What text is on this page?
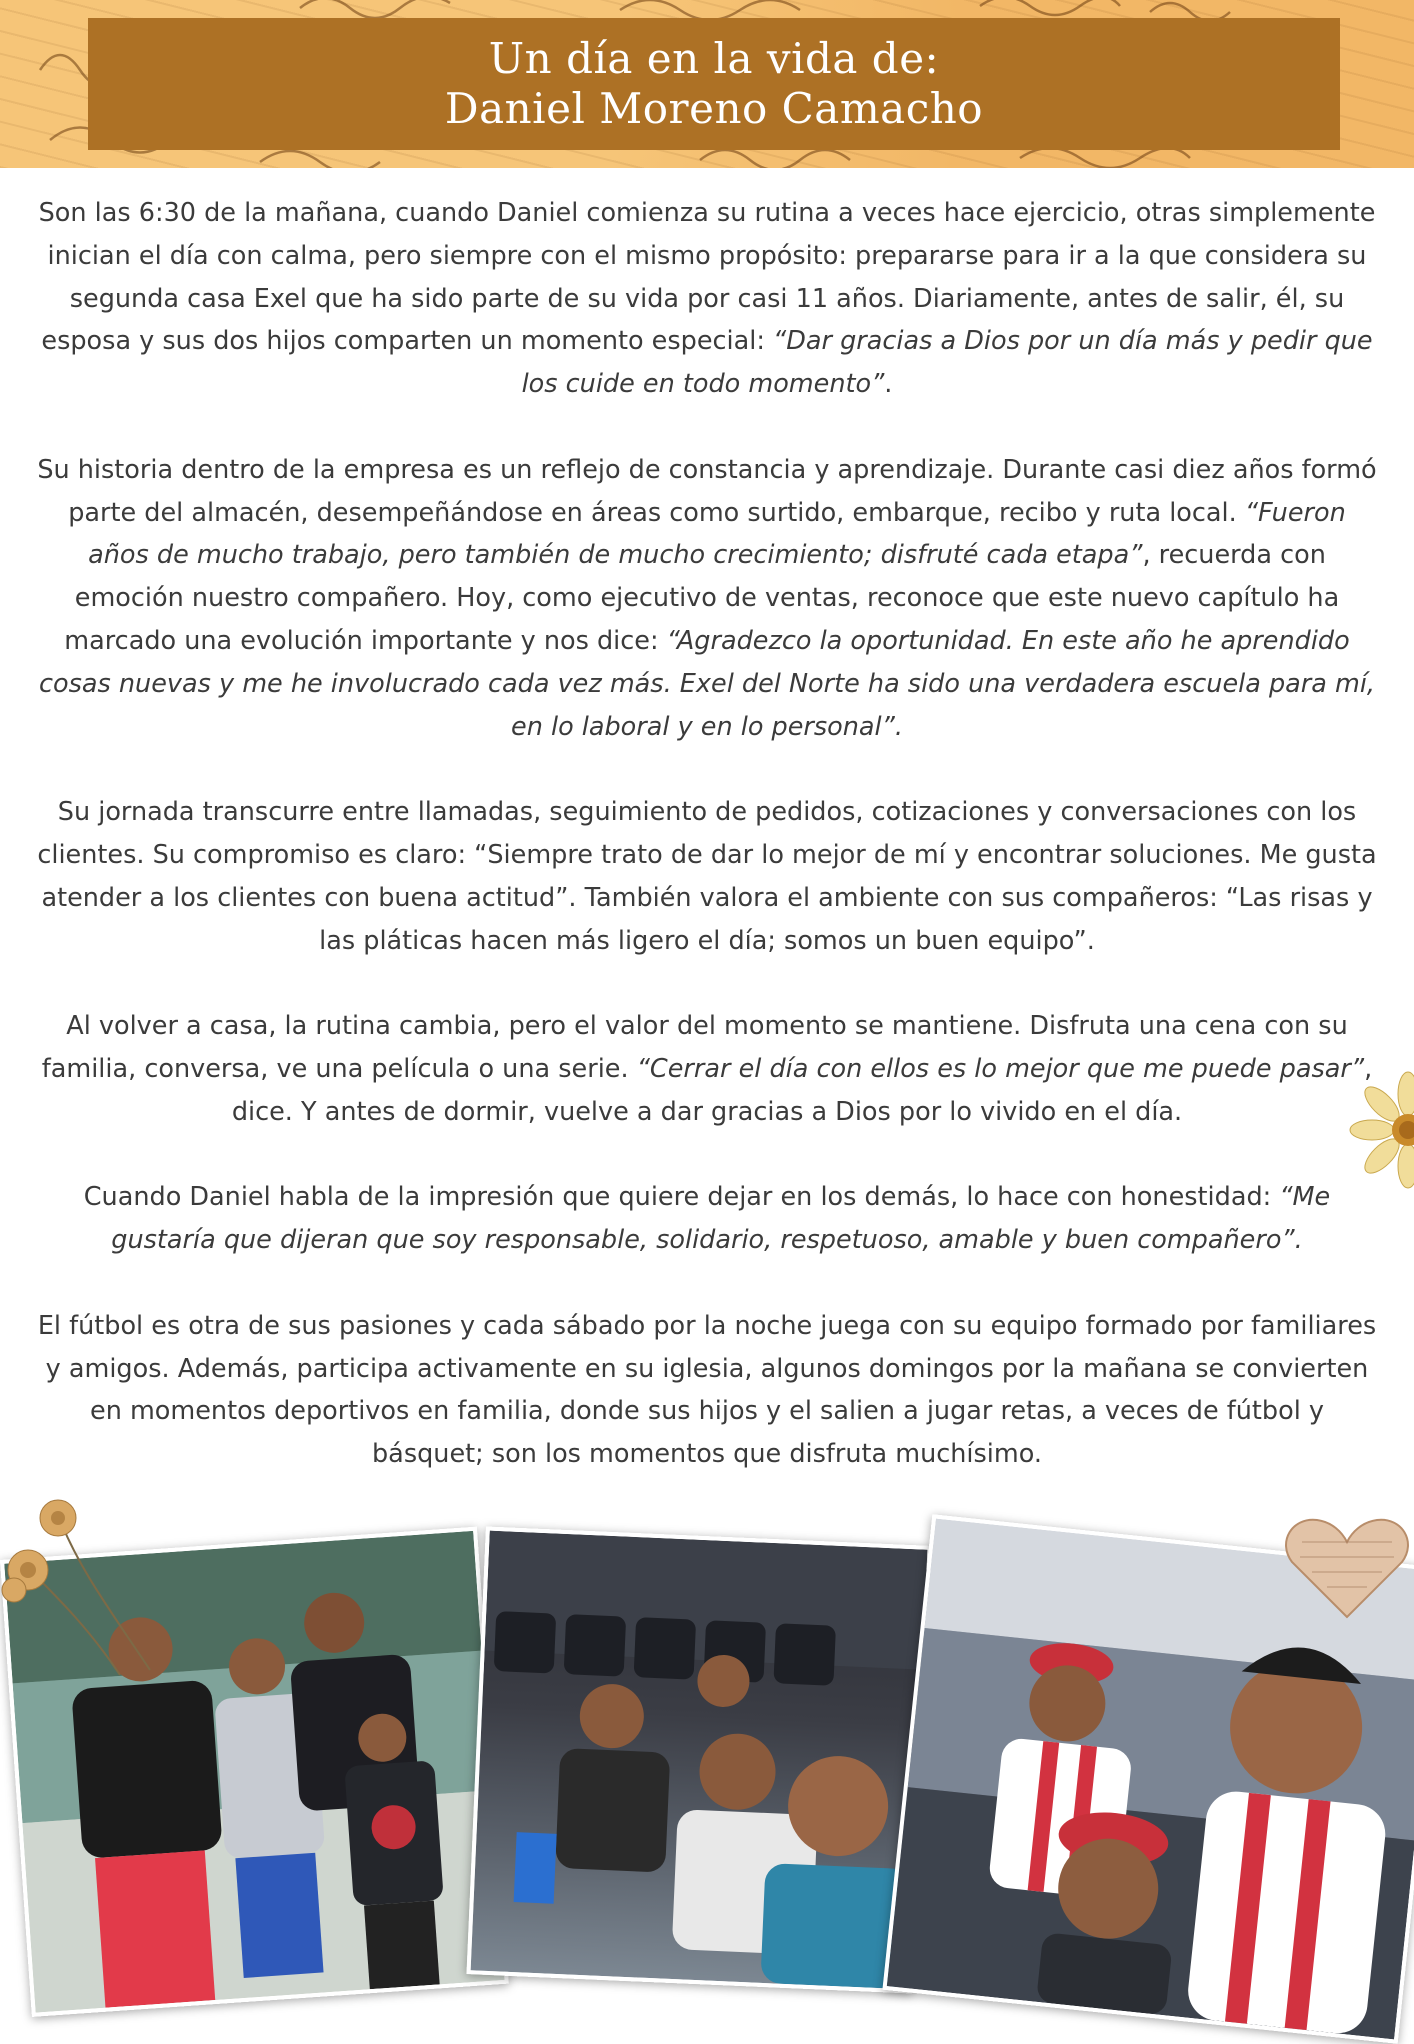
Un día en la vida de:
Daniel Moreno Camacho

Son las 6:30 de la mañana, cuando Daniel comienza su rutina a veces hace ejercicio, otras simplemente inician el día con calma, pero siempre con el mismo propósito: prepararse para ir a la que considera su segunda casa Exel que ha sido parte de su vida por casi 11 años. Diariamente, antes de salir, él, su esposa y sus dos hijos comparten un momento especial: “Dar gracias a Dios por un día más y pedir que los cuide en todo momento”.

Su historia dentro de la empresa es un reflejo de constancia y aprendizaje. Durante casi diez años formó parte del almacén, desempeñándose en áreas como surtido, embarque, recibo y ruta local. “Fueron años de mucho trabajo, pero también de mucho crecimiento; disfruté cada etapa”, recuerda con emoción nuestro compañero. Hoy, como ejecutivo de ventas, reconoce que este nuevo capítulo ha marcado una evolución importante y nos dice: “Agradezco la oportunidad. En este año he aprendido cosas nuevas y me he involucrado cada vez más. Exel del Norte ha sido una verdadera escuela para mí, en lo laboral y en lo personal”.

Su jornada transcurre entre llamadas, seguimiento de pedidos, cotizaciones y conversaciones con los clientes. Su compromiso es claro: “Siempre trato de dar lo mejor de mí y encontrar soluciones. Me gusta atender a los clientes con buena actitud”. También valora el ambiente con sus compañeros: “Las risas y las pláticas hacen más ligero el día; somos un buen equipo”.

Al volver a casa, la rutina cambia, pero el valor del momento se mantiene. Disfruta una cena con su familia, conversa, ve una película o una serie. “Cerrar el día con ellos es lo mejor que me puede pasar”, dice. Y antes de dormir, vuelve a dar gracias a Dios por lo vivido en el día.

Cuando Daniel habla de la impresión que quiere dejar en los demás, lo hace con honestidad: “Me gustaría que dijeran que soy responsable, solidario, respetuoso, amable y buen compañero”.

El fútbol es otra de sus pasiones y cada sábado por la noche juega con su equipo formado por familiares y amigos. Además, participa activamente en su iglesia, algunos domingos por la mañana se convierten en momentos deportivos en familia, donde sus hijos y el salien a jugar retas, a veces de fútbol y básquet; son los momentos que disfruta muchísimo.
